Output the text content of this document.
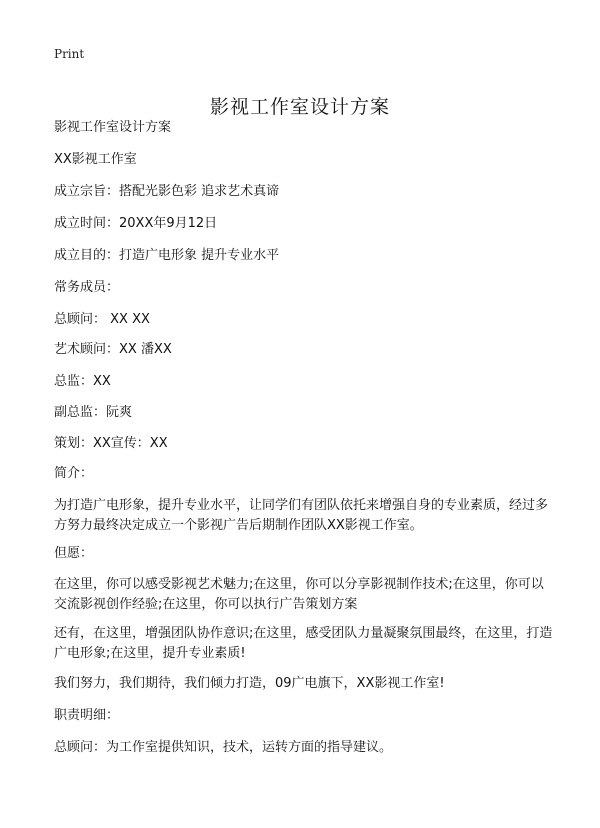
Print
影视工作室设计方案

影视工作室设计方案

XX影视工作室

成立宗旨：搭配光影色彩 追求艺术真谛

成立时间：20XX年9月12日

成立目的：打造广电形象 提升专业水平

常务成员：

总顾问： XX XX

艺术顾问：XX 潘XX

总监：XX

副总监：阮爽

策划：XX宣传：XX

简介：

为打造广电形象，提升专业水平，让同学们有团队依托来增强自身的专业素质，经过多方努力最终决定成立一个影视广告后期制作团队XX影视工作室。

但愿：

在这里，你可以感受影视艺术魅力;在这里，你可以分享影视制作技术;在这里，你可以交流影视创作经验;在这里，你可以执行广告策划方案

还有，在这里，增强团队协作意识;在这里，感受团队力量凝聚氛围最终，在这里，打造广电形象;在这里，提升专业素质!

我们努力，我们期待，我们倾力打造，09广电旗下，XX影视工作室!

职责明细：

总顾问：为工作室提供知识，技术，运转方面的指导建议。
